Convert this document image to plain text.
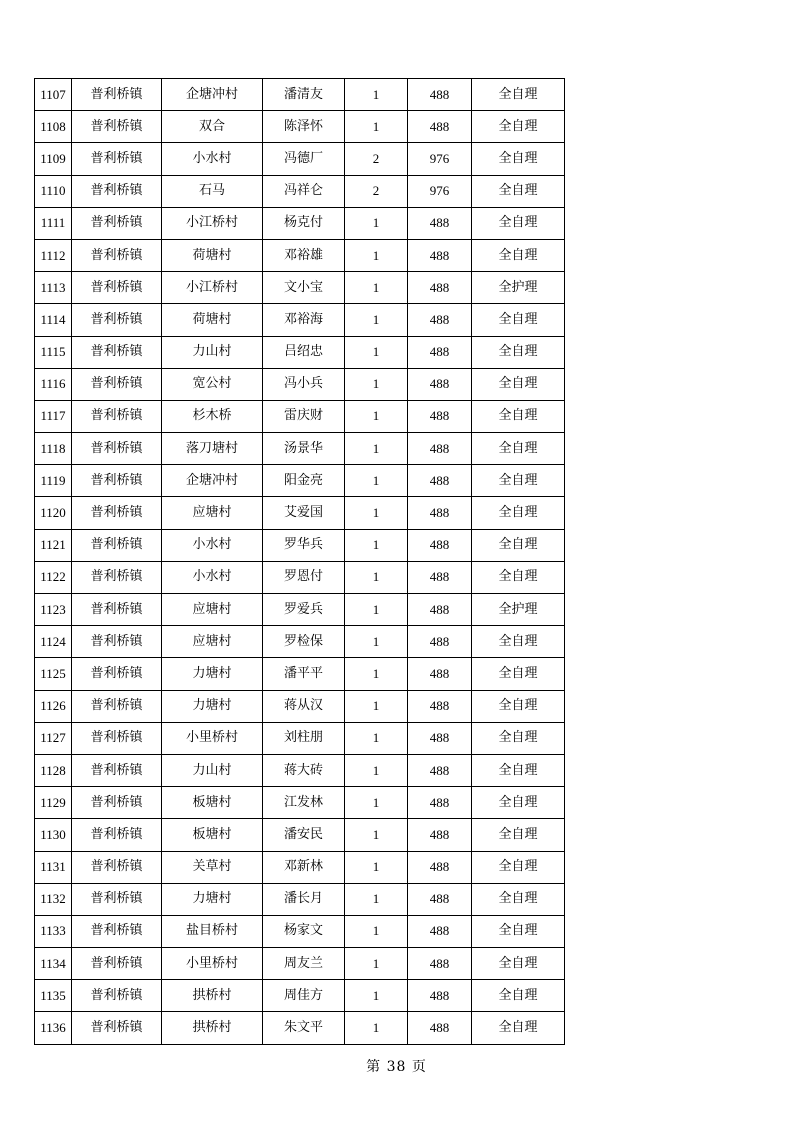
1107	普利桥镇	企塘冲村	潘清友	1	488	全自理
1108	普利桥镇	双合	陈泽怀	1	488	全自理
1109	普利桥镇	小水村	冯德厂	2	976	全自理
1110	普利桥镇	石马	冯祥仑	2	976	全自理
1111	普利桥镇	小江桥村	杨克付	1	488	全自理
1112	普利桥镇	荷塘村	邓裕雄	1	488	全自理
1113	普利桥镇	小江桥村	文小宝	1	488	全护理
1114	普利桥镇	荷塘村	邓裕海	1	488	全自理
1115	普利桥镇	力山村	吕绍忠	1	488	全自理
1116	普利桥镇	宽公村	冯小兵	1	488	全自理
1117	普利桥镇	杉木桥	雷庆财	1	488	全自理
1118	普利桥镇	落刀塘村	汤景华	1	488	全自理
1119	普利桥镇	企塘冲村	阳金亮	1	488	全自理
1120	普利桥镇	应塘村	艾爱国	1	488	全自理
1121	普利桥镇	小水村	罗华兵	1	488	全自理
1122	普利桥镇	小水村	罗恩付	1	488	全自理
1123	普利桥镇	应塘村	罗爱兵	1	488	全护理
1124	普利桥镇	应塘村	罗检保	1	488	全自理
1125	普利桥镇	力塘村	潘平平	1	488	全自理
1126	普利桥镇	力塘村	蒋从汉	1	488	全自理
1127	普利桥镇	小里桥村	刘柱朋	1	488	全自理
1128	普利桥镇	力山村	蒋大砖	1	488	全自理
1129	普利桥镇	板塘村	江发林	1	488	全自理
1130	普利桥镇	板塘村	潘安民	1	488	全自理
1131	普利桥镇	关草村	邓新林	1	488	全自理
1132	普利桥镇	力塘村	潘长月	1	488	全自理
1133	普利桥镇	盐目桥村	杨家文	1	488	全自理
1134	普利桥镇	小里桥村	周友兰	1	488	全自理
1135	普利桥镇	拱桥村	周佳方	1	488	全自理
1136	普利桥镇	拱桥村	朱文平	1	488	全自理
第 38 页
